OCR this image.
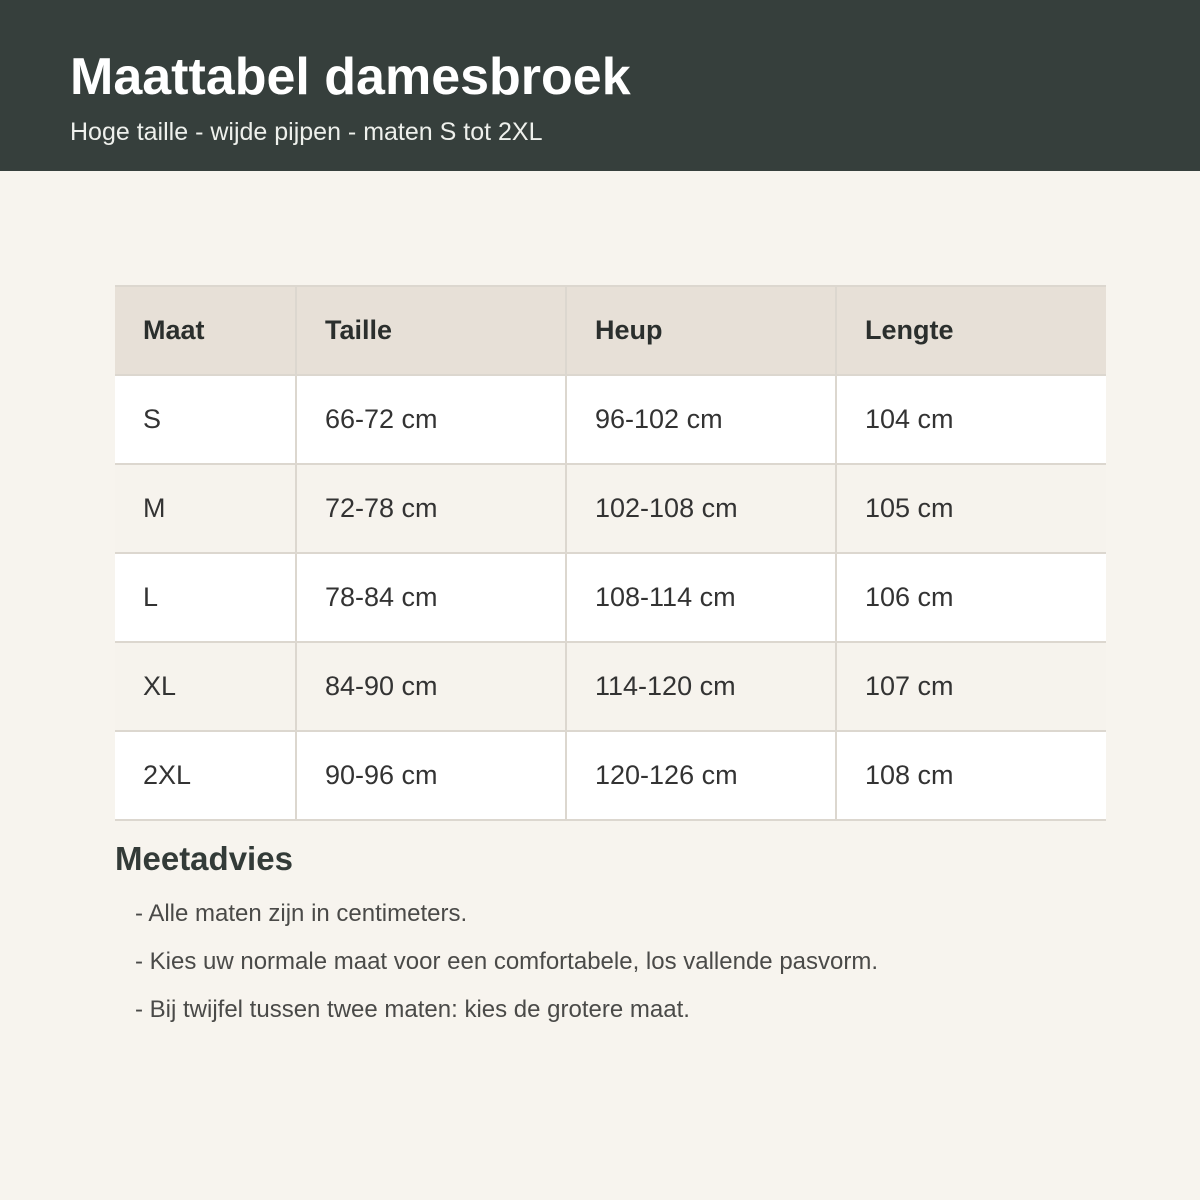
Maattabel damesbroek

Hoge taille - wijde pijpen - maten S tot 2XL

Maat	Taille	Heup	Lengte
S	66-72 cm	96-102 cm	104 cm
M	72-78 cm	102-108 cm	105 cm
L	78-84 cm	108-114 cm	106 cm
XL	84-90 cm	114-120 cm	107 cm
2XL	90-96 cm	120-126 cm	108 cm
Meetadvies
- Alle maten zijn in centimeters.
- Kies uw normale maat voor een comfortabele, los vallende pasvorm.
- Bij twijfel tussen twee maten: kies de grotere maat.
